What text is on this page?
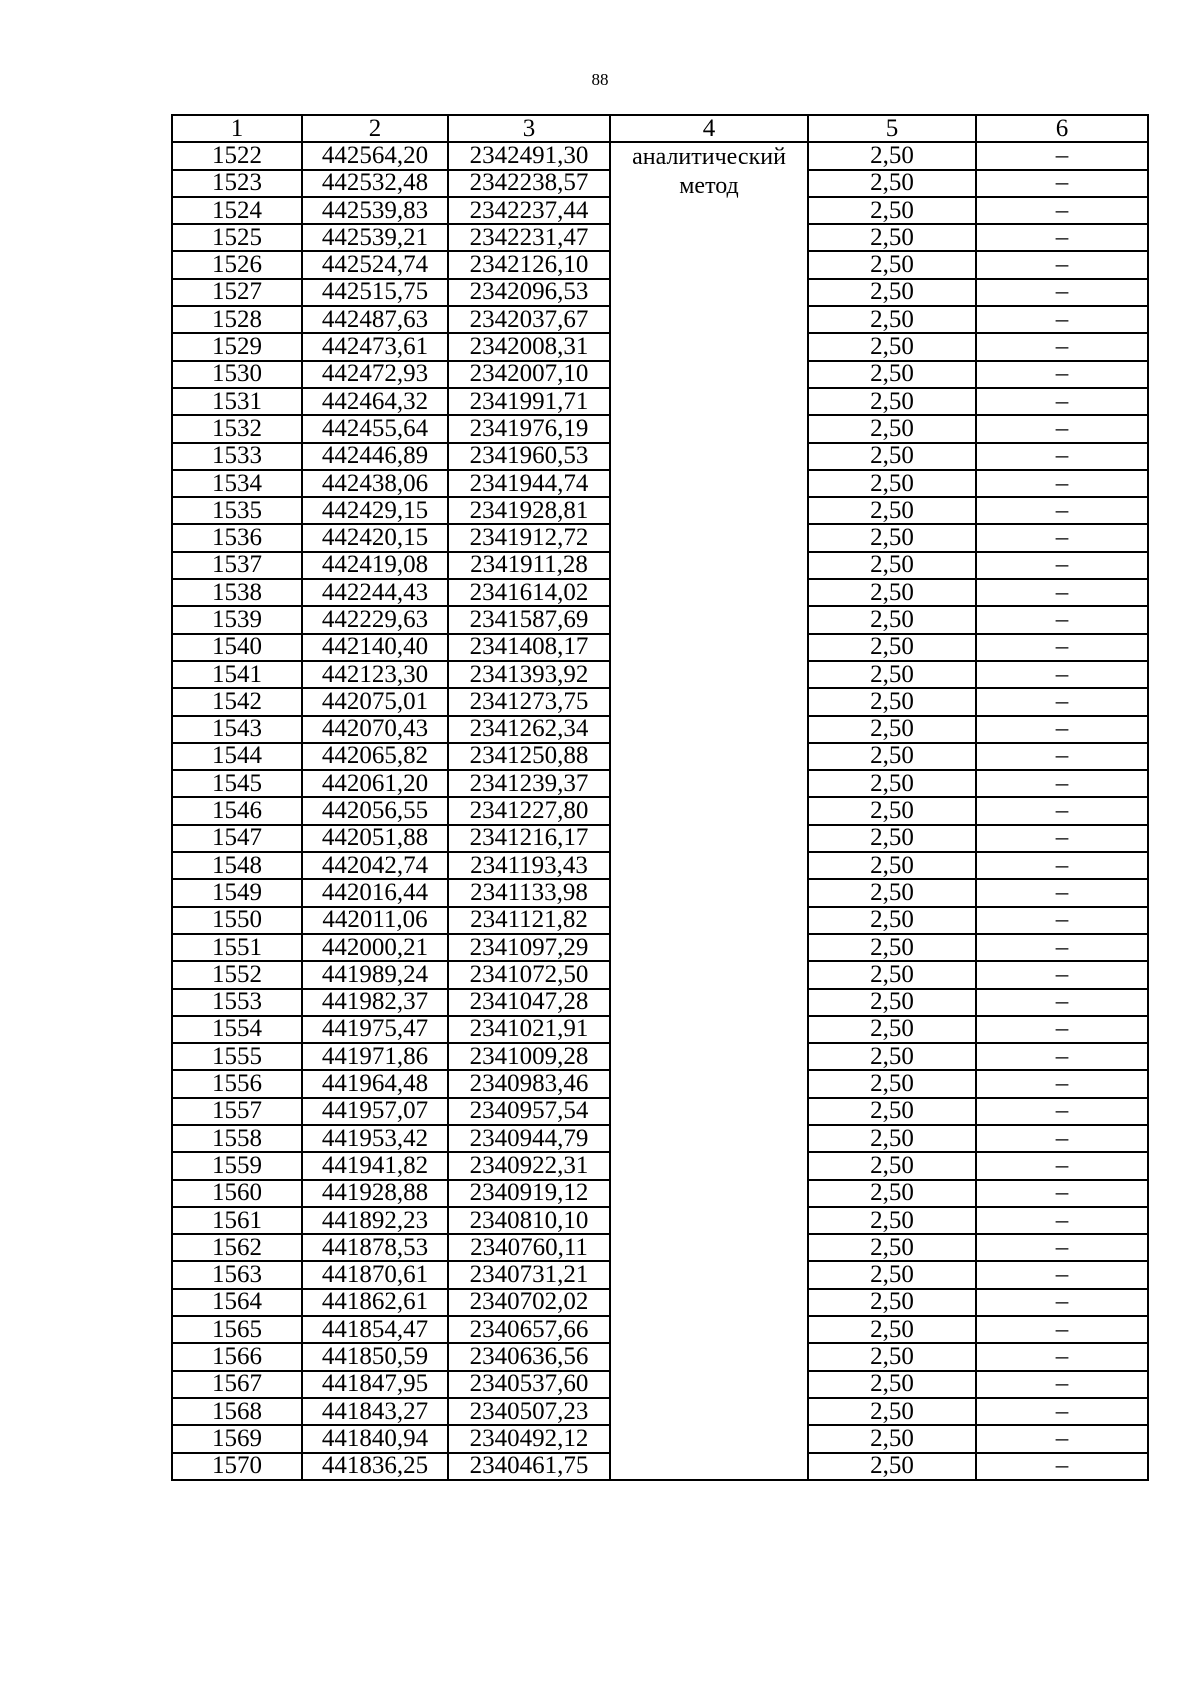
88
1	2	3	4	5	6
1522	442564,20	2342491,30	аналитический метод	2,50	–
1523	442532,48	2342238,57		2,50	–
1524	442539,83	2342237,44		2,50	–
1525	442539,21	2342231,47		2,50	–
1526	442524,74	2342126,10		2,50	–
1527	442515,75	2342096,53		2,50	–
1528	442487,63	2342037,67		2,50	–
1529	442473,61	2342008,31		2,50	–
1530	442472,93	2342007,10		2,50	–
1531	442464,32	2341991,71		2,50	–
1532	442455,64	2341976,19		2,50	–
1533	442446,89	2341960,53		2,50	–
1534	442438,06	2341944,74		2,50	–
1535	442429,15	2341928,81		2,50	–
1536	442420,15	2341912,72		2,50	–
1537	442419,08	2341911,28		2,50	–
1538	442244,43	2341614,02		2,50	–
1539	442229,63	2341587,69		2,50	–
1540	442140,40	2341408,17		2,50	–
1541	442123,30	2341393,92		2,50	–
1542	442075,01	2341273,75		2,50	–
1543	442070,43	2341262,34		2,50	–
1544	442065,82	2341250,88		2,50	–
1545	442061,20	2341239,37		2,50	–
1546	442056,55	2341227,80		2,50	–
1547	442051,88	2341216,17		2,50	–
1548	442042,74	2341193,43		2,50	–
1549	442016,44	2341133,98		2,50	–
1550	442011,06	2341121,82		2,50	–
1551	442000,21	2341097,29		2,50	–
1552	441989,24	2341072,50		2,50	–
1553	441982,37	2341047,28		2,50	–
1554	441975,47	2341021,91		2,50	–
1555	441971,86	2341009,28		2,50	–
1556	441964,48	2340983,46		2,50	–
1557	441957,07	2340957,54		2,50	–
1558	441953,42	2340944,79		2,50	–
1559	441941,82	2340922,31		2,50	–
1560	441928,88	2340919,12		2,50	–
1561	441892,23	2340810,10		2,50	–
1562	441878,53	2340760,11		2,50	–
1563	441870,61	2340731,21		2,50	–
1564	441862,61	2340702,02		2,50	–
1565	441854,47	2340657,66		2,50	–
1566	441850,59	2340636,56		2,50	–
1567	441847,95	2340537,60		2,50	–
1568	441843,27	2340507,23		2,50	–
1569	441840,94	2340492,12		2,50	–
1570	441836,25	2340461,75		2,50	–
